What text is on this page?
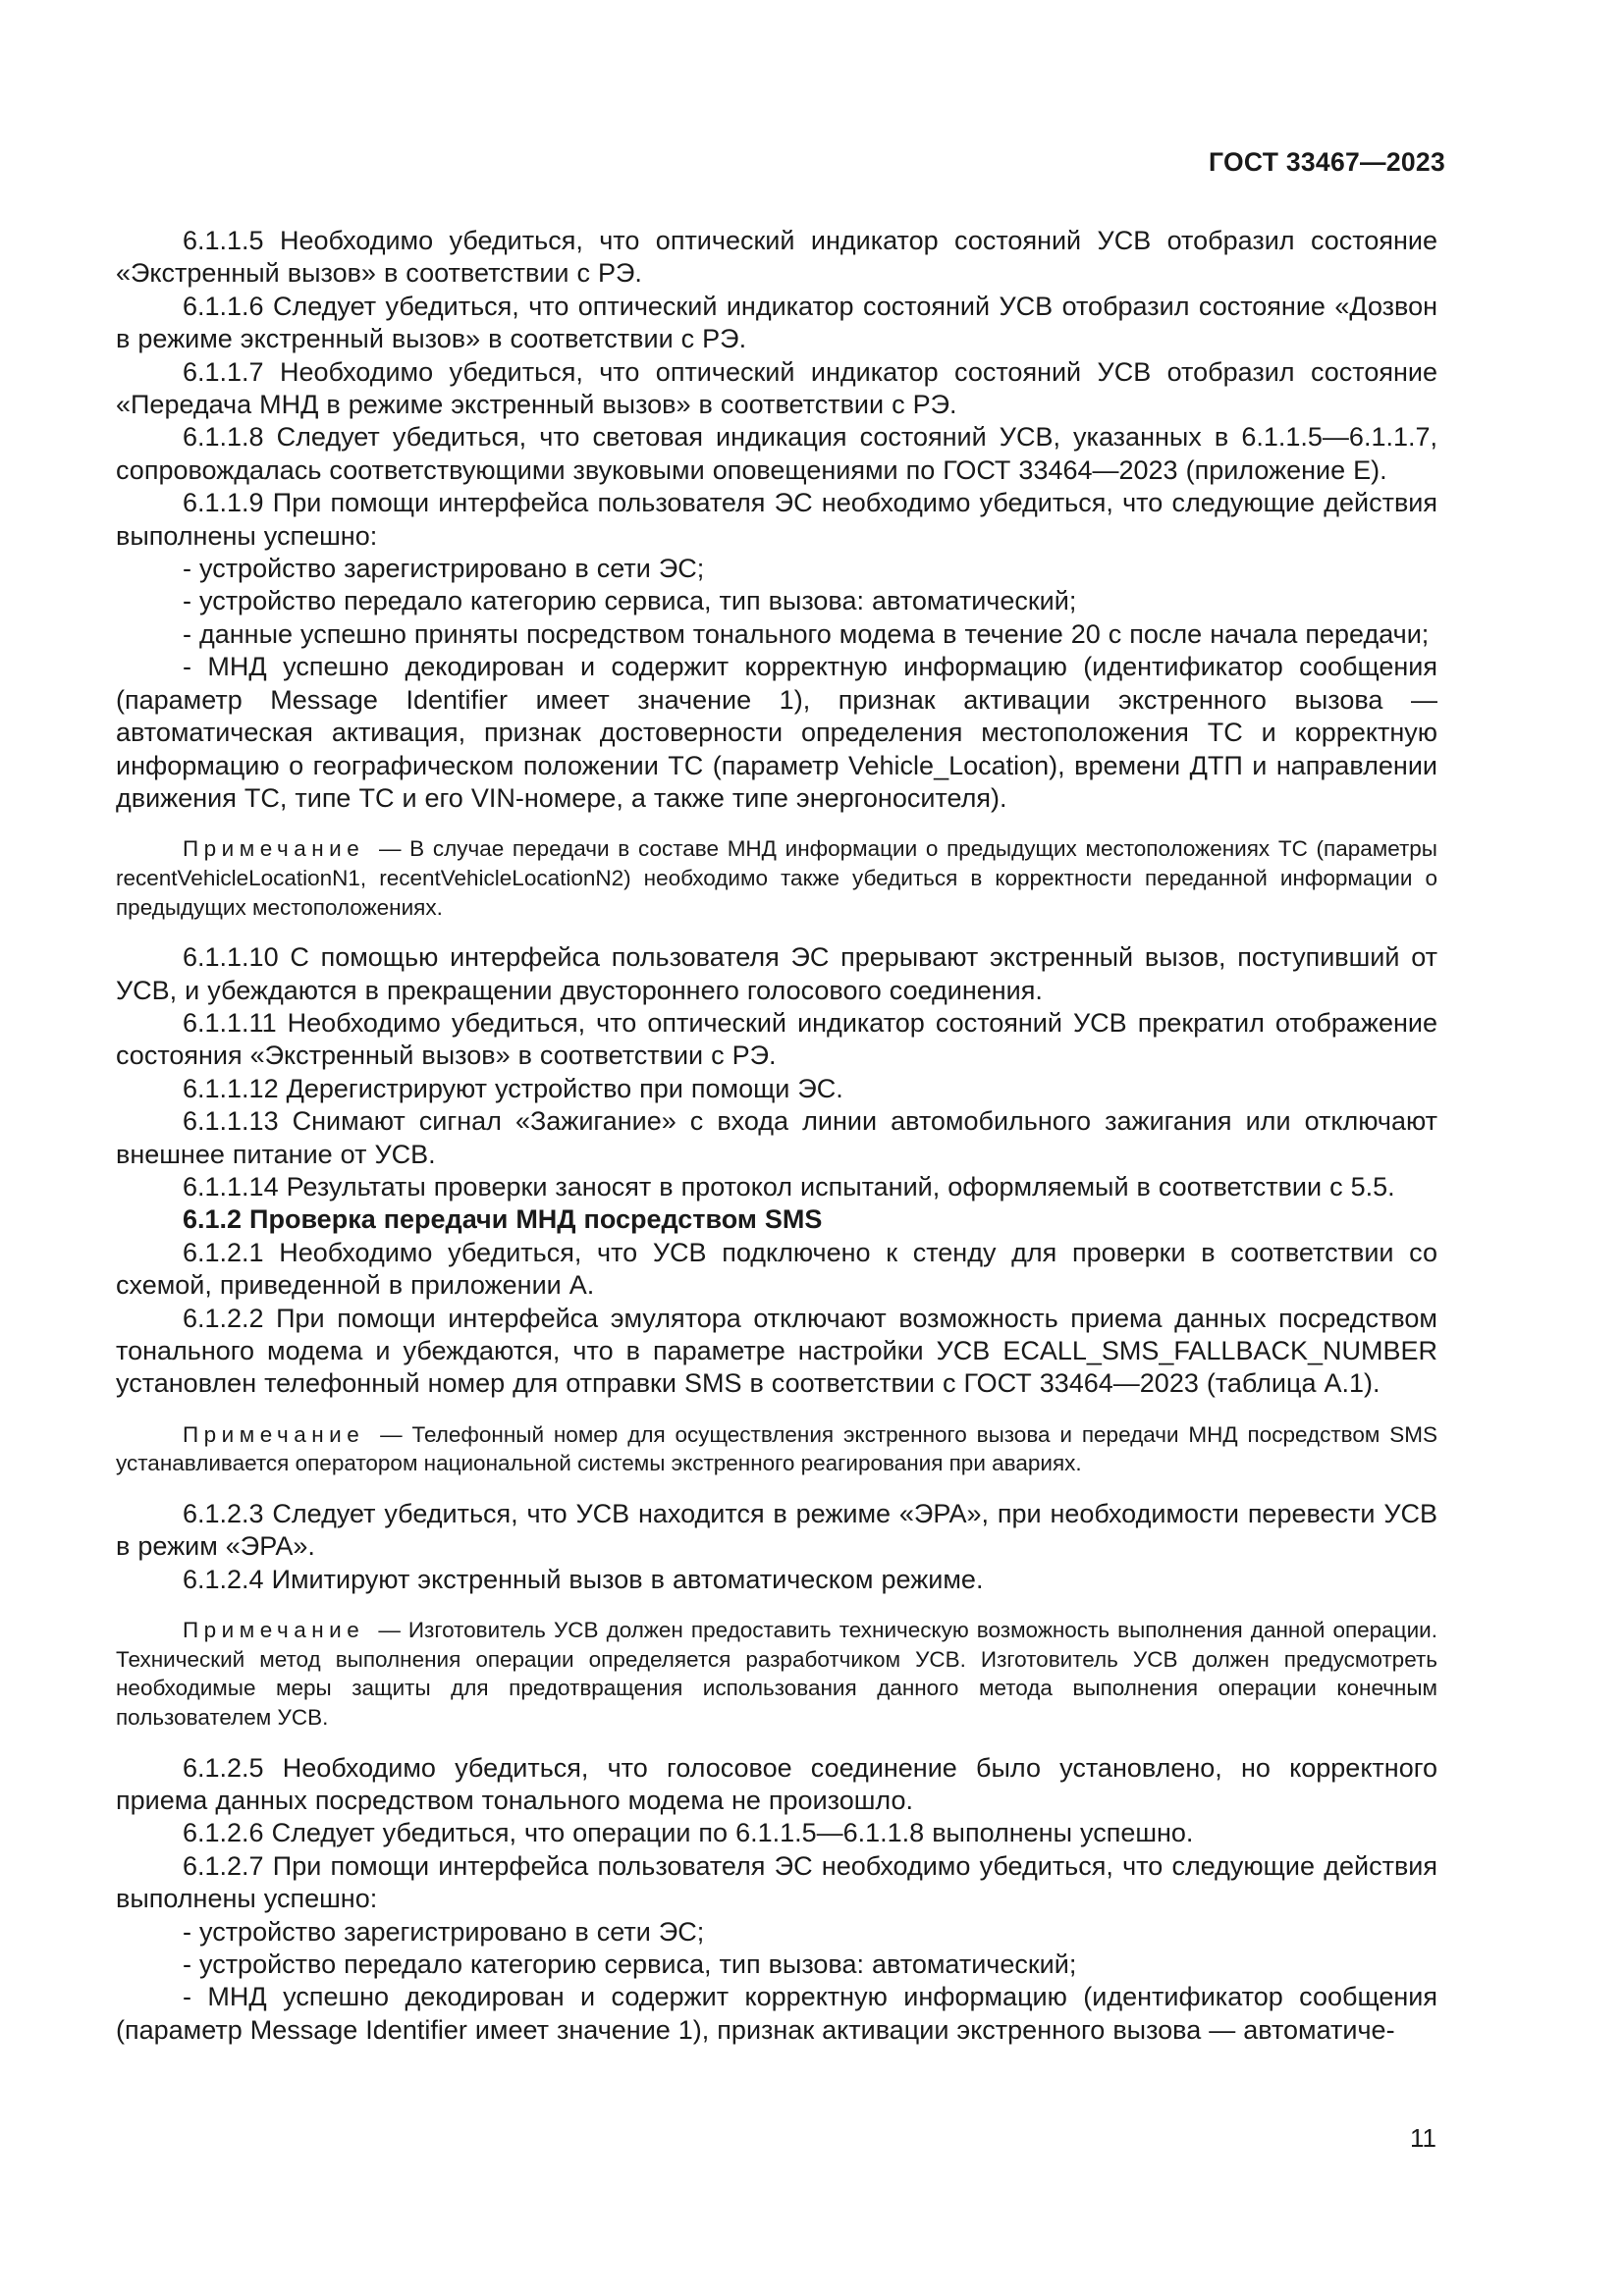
ГОСТ 33467—2023

6.1.1.5 Необходимо убедиться, что оптический индикатор состояний УСВ отобразил состояние «Экстренный вызов» в соответствии с РЭ.

6.1.1.6 Следует убедиться, что оптический индикатор состояний УСВ отобразил состояние «Дозвон в режиме экстренный вызов» в соответствии с РЭ.

6.1.1.7 Необходимо убедиться, что оптический индикатор состояний УСВ отобразил состояние «Передача МНД в режиме экстренный вызов» в соответствии с РЭ.

6.1.1.8 Следует убедиться, что световая индикация состояний УСВ, указанных в 6.1.1.5—6.1.1.7, сопровождалась соответствующими звуковыми оповещениями по ГОСТ 33464—2023 (приложение Е).

6.1.1.9 При помощи интерфейса пользователя ЭС необходимо убедиться, что следующие действия выполнены успешно:

- устройство зарегистрировано в сети ЭС;

- устройство передало категорию сервиса, тип вызова: автоматический;

- данные успешно приняты посредством тонального модема в течение 20 с после начала передачи;

- МНД успешно декодирован и содержит корректную информацию (идентификатор сообщения (параметр Message Identifier имеет значение 1), признак активации экстренного вызова — автоматическая активация, признак достоверности определения местоположения ТС и корректную информацию о географическом положении ТС (параметр Vehicle_Location), времени ДТП и направлении движения ТС, типе ТС и его VIN-номере, а также типе энергоносителя).

Примечание — В случае передачи в составе МНД информации о предыдущих местоположениях ТС (параметры recentVehicleLocationN1, recentVehicleLocationN2) необходимо также убедиться в корректности переданной информации о предыдущих местоположениях.

6.1.1.10 С помощью интерфейса пользователя ЭС прерывают экстренный вызов, поступивший от УСВ, и убеждаются в прекращении двустороннего голосового соединения.

6.1.1.11 Необходимо убедиться, что оптический индикатор состояний УСВ прекратил отображение состояния «Экстренный вызов» в соответствии с РЭ.

6.1.1.12 Дерегистрируют устройство при помощи ЭС.

6.1.1.13 Снимают сигнал «Зажигание» с входа линии автомобильного зажигания или отключают внешнее питание от УСВ.

6.1.1.14 Результаты проверки заносят в протокол испытаний, оформляемый в соответствии с 5.5.

6.1.2 Проверка передачи МНД посредством SMS

6.1.2.1 Необходимо убедиться, что УСВ подключено к стенду для проверки в соответствии со схемой, приведенной в приложении А.

6.1.2.2 При помощи интерфейса эмулятора отключают возможность приема данных посредством тонального модема и убеждаются, что в параметре настройки УСВ ECALL_SMS_FALLBACK_NUMBER установлен телефонный номер для отправки SMS в соответствии с ГОСТ 33464—2023 (таблица А.1).

Примечание — Телефонный номер для осуществления экстренного вызова и передачи МНД посредством SMS устанавливается оператором национальной системы экстренного реагирования при авариях.

6.1.2.3 Следует убедиться, что УСВ находится в режиме «ЭРА», при необходимости перевести УСВ в режим «ЭРА».

6.1.2.4 Имитируют экстренный вызов в автоматическом режиме.

Примечание — Изготовитель УСВ должен предоставить техническую возможность выполнения данной операции. Технический метод выполнения операции определяется разработчиком УСВ. Изготовитель УСВ должен предусмотреть необходимые меры защиты для предотвращения использования данного метода выполнения операции конечным пользователем УСВ.

6.1.2.5 Необходимо убедиться, что голосовое соединение было установлено, но корректного приема данных посредством тонального модема не произошло.

6.1.2.6 Следует убедиться, что операции по 6.1.1.5—6.1.1.8 выполнены успешно.

6.1.2.7 При помощи интерфейса пользователя ЭС необходимо убедиться, что следующие действия выполнены успешно:

- устройство зарегистрировано в сети ЭС;

- устройство передало категорию сервиса, тип вызова: автоматический;

- МНД успешно декодирован и содержит корректную информацию (идентификатор сообщения (параметр Message Identifier имеет значение 1), признак активации экстренного вызова — автоматиче-

11
